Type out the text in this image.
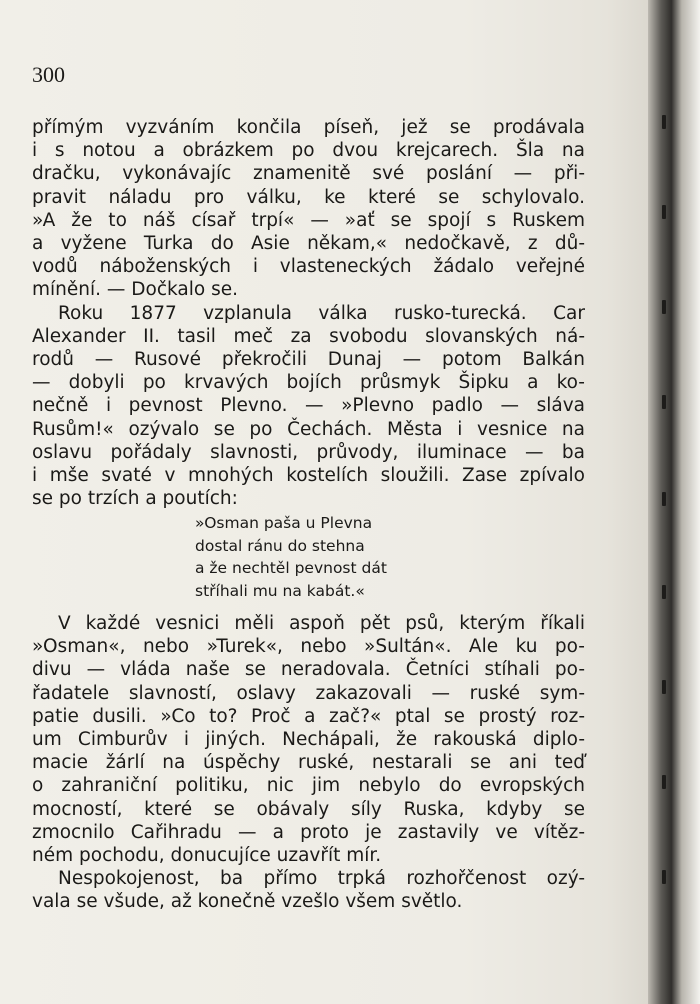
300
přímým vyzváním končila píseň, jež se prodávala
i s notou a obrázkem po dvou krejcarech. Šla na
dračku, vykonávajíc znamenitě své poslání — při-
pravit náladu pro válku, ke které se schylovalo.
»A že to náš císař trpí« — »ať se spojí s Ruskem
a vyžene Turka do Asie někam,« nedočkavě, z dů-
vodů náboženských i vlasteneckých žádalo veřejné
mínění. — Dočkalo se.
Roku 1877 vzplanula válka rusko-turecká. Car
Alexander II. tasil meč za svobodu slovanských ná-
rodů — Rusové překročili Dunaj — potom Balkán
— dobyli po krvavých bojích průsmyk Šipku a ko-
nečně i pevnost Plevno. — »Plevno padlo — sláva
Rusům!« ozývalo se po Čechách. Města i vesnice na
oslavu pořádaly slavnosti, průvody, iluminace — ba
i mše svaté v mnohých kostelích sloužili. Zase zpívalo
se po trzích a poutích:
»Osman paša u Plevna
dostal ránu do stehna
a že nechtěl pevnost dát
stříhali mu na kabát.«
V každé vesnici měli aspoň pět psů, kterým říkali
»Osman«, nebo »Turek«, nebo »Sultán«. Ale ku po-
divu — vláda naše se neradovala. Četníci stíhali po-
řadatele slavností, oslavy zakazovali — ruské sym-
patie dusili. »Co to? Proč a zač?« ptal se prostý roz-
um Cimburův i jiných. Nechápali, že rakouská diplo-
macie žárlí na úspěchy ruské, nestarali se ani teď
o zahraniční politiku, nic jim nebylo do evropských
mocností, které se obávaly síly Ruska, kdyby se
zmocnilo Cařihradu — a proto je zastavily ve vítěz-
ném pochodu, donucujíce uzavřít mír.
Nespokojenost, ba přímo trpká rozhořčenost ozý-
vala se všude, až konečně vzešlo všem světlo.
